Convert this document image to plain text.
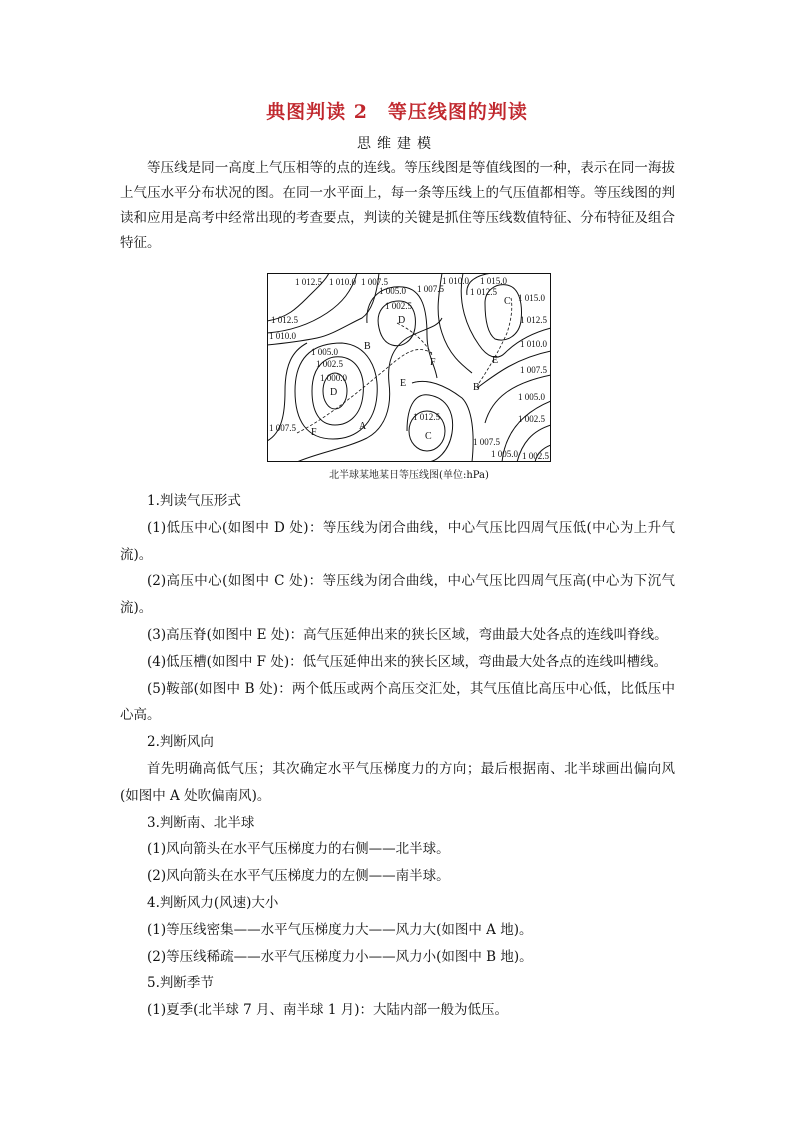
典图判读 2　等压线图的判读
思维建模
等压线是同一高度上气压相等的点的连线。等压线图是等值线图的一种，表示在同一海拔上气压水平分布状况的图。在同一水平面上，每一条等压线上的气压值都相等。等压线图的判读和应用是高考中经常出现的考查要点，判读的关键是抓住等压线数值特征、分布特征及组合特征。
1 012.5 1 010.0 1 007.5
1 005.0
1 002.5
1 007.5
1 010.0 1 015.0
1 012.5
1 015.0
1 012.5
1 010.0
1 012.5
1 010.0
1 005.0
1 002.5
1 000.0
1 007.5
1 007.5
1 005.0
1 002.5
1 012.5
1 007.5
1 005.0 1 002.5
D
B
F
C
E
B
D
E
F
A
C
北半球某地某日等压线图(单位:hPa)

1.判读气压形式

(1)低压中心(如图中 D 处)：等压线为闭合曲线，中心气压比四周气压低(中心为上升气流)。

(2)高压中心(如图中 C 处)：等压线为闭合曲线，中心气压比四周气压高(中心为下沉气流)。

(3)高压脊(如图中 E 处)：高气压延伸出来的狭长区域，弯曲最大处各点的连线叫脊线。

(4)低压槽(如图中 F 处)：低气压延伸出来的狭长区域，弯曲最大处各点的连线叫槽线。

(5)鞍部(如图中 B 处)：两个低压或两个高压交汇处，其气压值比高压中心低，比低压中心高。

2.判断风向

首先明确高低气压；其次确定水平气压梯度力的方向；最后根据南、北半球画出偏向风(如图中 A 处吹偏南风)。

3.判断南、北半球

(1)风向箭头在水平气压梯度力的右侧——北半球。

(2)风向箭头在水平气压梯度力的左侧——南半球。

4.判断风力(风速)大小

(1)等压线密集——水平气压梯度力大——风力大(如图中 A 地)。

(2)等压线稀疏——水平气压梯度力小——风力小(如图中 B 地)。

5.判断季节

(1)夏季(北半球 7 月、南半球 1 月)：大陆内部一般为低压。
